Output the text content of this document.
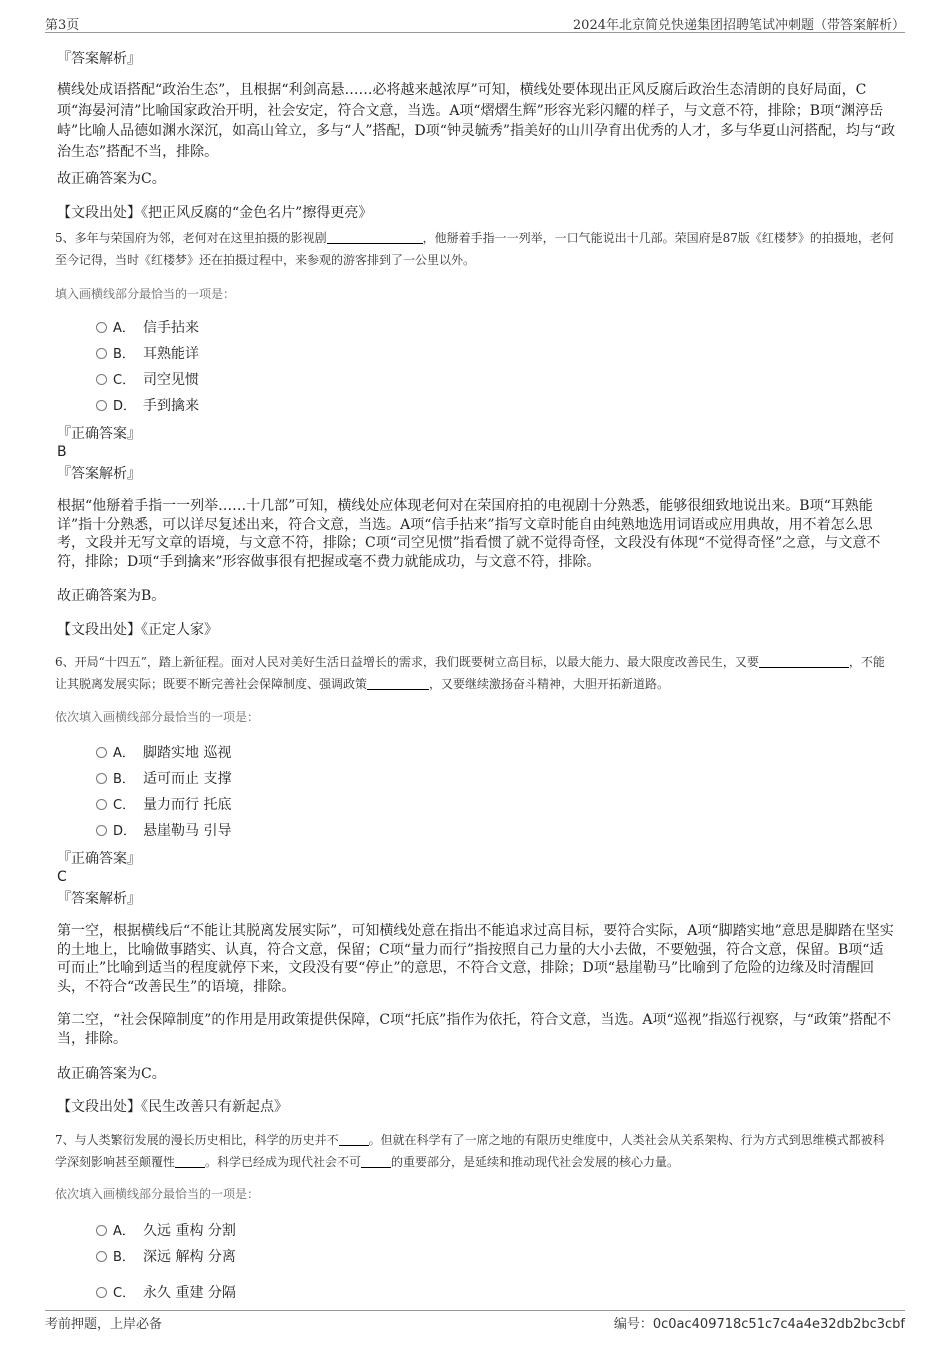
第3页	2024年北京简兑快递集团招聘笔试冲刺题（带答案解析）
『答案解析』
横线处成语搭配“政治生态”，且根据“利剑高悬……必将越来越浓厚”可知，横线处要体现出正风反腐后政治生态清朗的良好局面，C项“海晏河清”比喻国家政治开明，社会安定，符合文意，当选。A项“熠熠生辉”形容光彩闪耀的样子，与文意不符，排除；B项“渊渟岳峙”比喻人品德如渊水深沉，如高山耸立，多与“人”搭配，D项“钟灵毓秀”指美好的山川孕育出优秀的人才，多与华夏山河搭配，均与“政治生态”搭配不当，排除。
故正确答案为C。
【文段出处】《把正风反腐的“金色名片”擦得更亮》
5、多年与荣国府为邻，老何对在这里拍摄的影视剧	，他掰着手指一一列举，一口气能说出十几部。荣国府是87版《红楼梦》的拍摄地，老何至今记得，当时《红楼梦》还在拍摄过程中，来参观的游客排到了一公里以外。
填入画横线部分最恰当的一项是：
A． 信手拈来
B． 耳熟能详
C． 司空见惯
D． 手到擒来
『正确答案』
B
『答案解析』
根据“他掰着手指一一列举……十几部”可知，横线处应体现老何对在荣国府拍的电视剧十分熟悉，能够很细致地说出来。B项“耳熟能详”指十分熟悉，可以详尽复述出来，符合文意，当选。A项“信手拈来”指写文章时能自由纯熟地选用词语或应用典故，用不着怎么思考，文段并无写文章的语境，与文意不符，排除；C项“司空见惯”指看惯了就不觉得奇怪，文段没有体现“不觉得奇怪”之意，与文意不符，排除；D项“手到擒来”形容做事很有把握或毫不费力就能成功，与文意不符，排除。
故正确答案为B。
【文段出处】《正定人家》
6、开局“十四五”，踏上新征程。面对人民对美好生活日益增长的需求，我们既要树立高目标，以最大能力、最大限度改善民生，又要	，不能让其脱离发展实际；既要不断完善社会保障制度、强调政策	，又要继续激扬奋斗精神，大胆开拓新道路。
依次填入画横线部分最恰当的一项是：
A． 脚踏实地 巡视
B． 适可而止 支撑
C． 量力而行 托底
D． 悬崖勒马 引导
『正确答案』
C
『答案解析』
第一空，根据横线后“不能让其脱离发展实际”，可知横线处意在指出不能追求过高目标，要符合实际，A项“脚踏实地”意思是脚踏在坚实的土地上，比喻做事踏实、认真，符合文意，保留；C项“量力而行”指按照自己力量的大小去做，不要勉强，符合文意，保留。B项“适可而止”比喻到适当的程度就停下来，文段没有要“停止”的意思，不符合文意，排除；D项“悬崖勒马”比喻到了危险的边缘及时清醒回头，不符合“改善民生”的语境，排除。
第二空，“社会保障制度”的作用是用政策提供保障，C项“托底”指作为依托，符合文意，当选。A项“巡视”指巡行视察，与“政策”搭配不当，排除。
故正确答案为C。
【文段出处】《民生改善只有新起点》
7、与人类繁衍发展的漫长历史相比，科学的历史并不	。但就在科学有了一席之地的有限历史维度中，人类社会从关系架构、行为方式到思维模式都被科学深刻影响甚至颠覆性	。科学已经成为现代社会不可	的重要部分，是延续和推动现代社会发展的核心力量。
依次填入画横线部分最恰当的一项是：
A． 久远 重构 分割
B． 深远 解构 分离
C． 永久 重建 分隔
考前押题，上岸必备	编号：0c0ac409718c51c7c4a4e32db2bc3cbf
